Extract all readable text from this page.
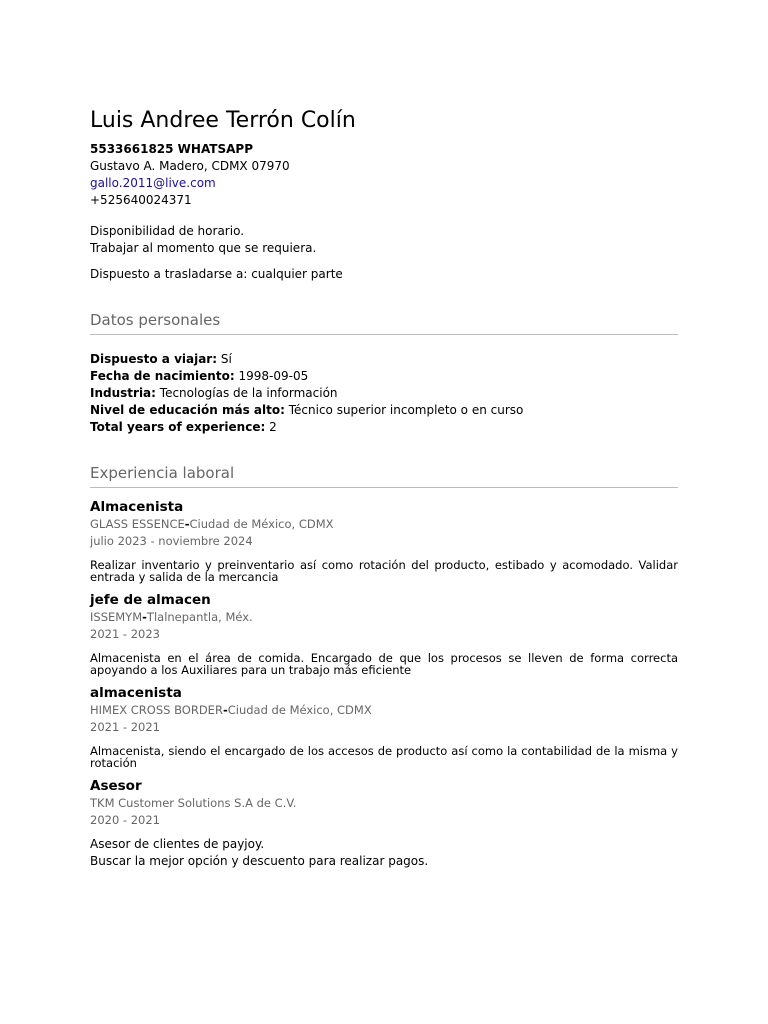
Luis Andree Terrón Colín
5533661825 WHATSAPP
Gustavo A. Madero, CDMX 07970
gallo.2011@live.com
+525640024371

Disponibilidad de horario.

Trabajar al momento que se requiera.

Dispuesto a trasladarse a: cualquier parte

Datos personales
Dispuesto a viajar: Sí
Fecha de nacimiento: 1998-09-05
Industria: Tecnologías de la información
Nivel de educación más alto: Técnico superior incompleto o en curso
Total years of experience: 2
Experiencia laboral
Almacenista
GLASS ESSENCE-Ciudad de México, CDMX
julio 2023 - noviembre 2024
Realizar inventario y preinventario así como rotación del producto, estibado y acomodado. Validar entrada y salida de la mercancia
jefe de almacen
ISSEMYM-Tlalnepantla, Méx.
2021 - 2023
Almacenista en el área de comida. Encargado de que los procesos se lleven de forma correcta apoyando a los Auxiliares para un trabajo más eficiente
almacenista
HIMEX CROSS BORDER-Ciudad de México, CDMX
2021 - 2021
Almacenista, siendo el encargado de los accesos de producto así como la contabilidad de la misma y rotación
Asesor
TKM Customer Solutions S.A de C.V.
2020 - 2021

Asesor de clientes de payjoy.

Buscar la mejor opción y descuento para realizar pagos.
